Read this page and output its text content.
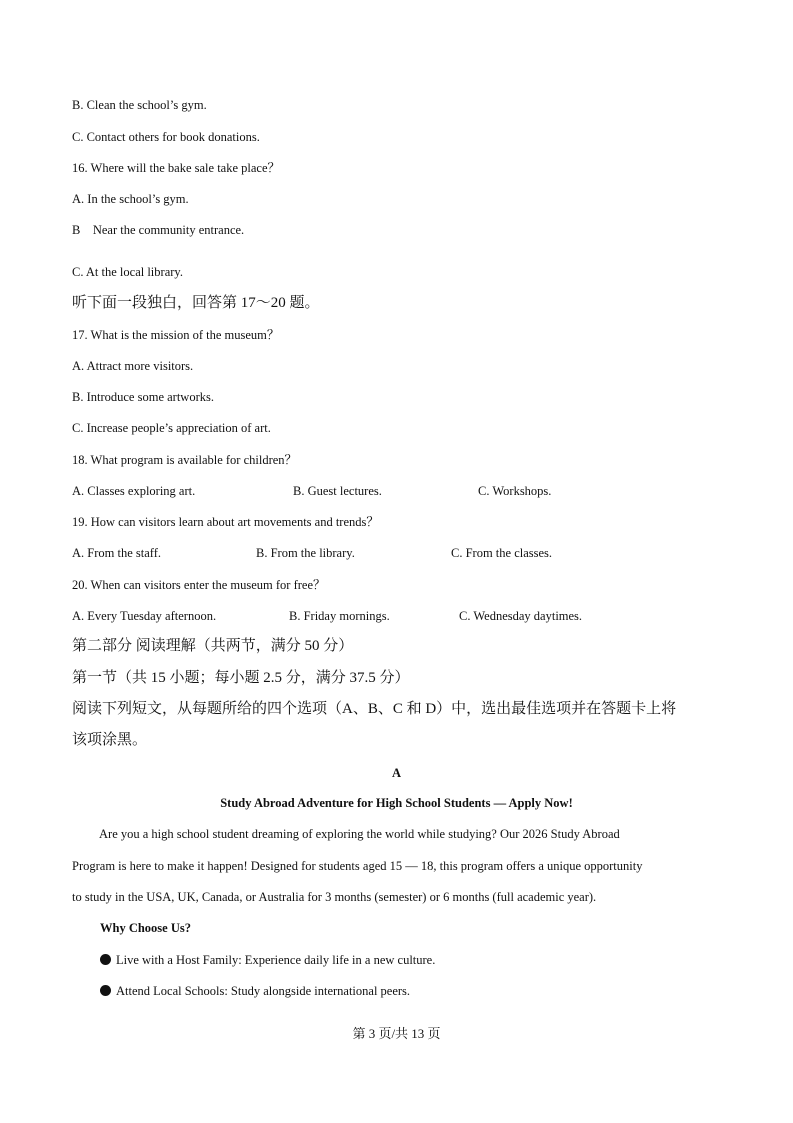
B. Clean the school’s gym.
C. Contact others for book donations.
16. Where will the bake sale take place？
A. In the school’s gym.
B　Near the community entrance.
C. At the local library.
听下面一段独白，回答第 17～20 题。
17. What is the mission of the museum？
A. Attract more visitors.
B. Introduce some artworks.
C. Increase people’s appreciation of art.
18. What program is available for children？
A. Classes exploring art.	B. Guest lectures.	C. Workshops.
19. How can visitors learn about art movements and trends？
A. From the staff.	B. From the library.	C. From the classes.
20. When can visitors enter the museum for free？
A. Every Tuesday afternoon.	B. Friday mornings.	C. Wednesday daytimes.
第二部分 阅读理解（共两节，满分 50 分）
第一节（共 15 小题；每小题 2.5 分，满分 37.5 分）
阅读下列短文，从每题所给的四个选项（A、B、C 和 D）中，选出最佳选项并在答题卡上将
该项涂黑。
A
Study Abroad Adventure for High School Students — Apply Now!
Are you a high school student dreaming of exploring the world while studying? Our 2026 Study Abroad
Program is here to make it happen! Designed for students aged 15 — 18, this program offers a unique opportunity
to study in the USA, UK, Canada, or Australia for 3 months (semester) or 6 months (full academic year).
Why Choose Us?
Live with a Host Family: Experience daily life in a new culture.
Attend Local Schools: Study alongside international peers.
第 3 页/共 13 页
